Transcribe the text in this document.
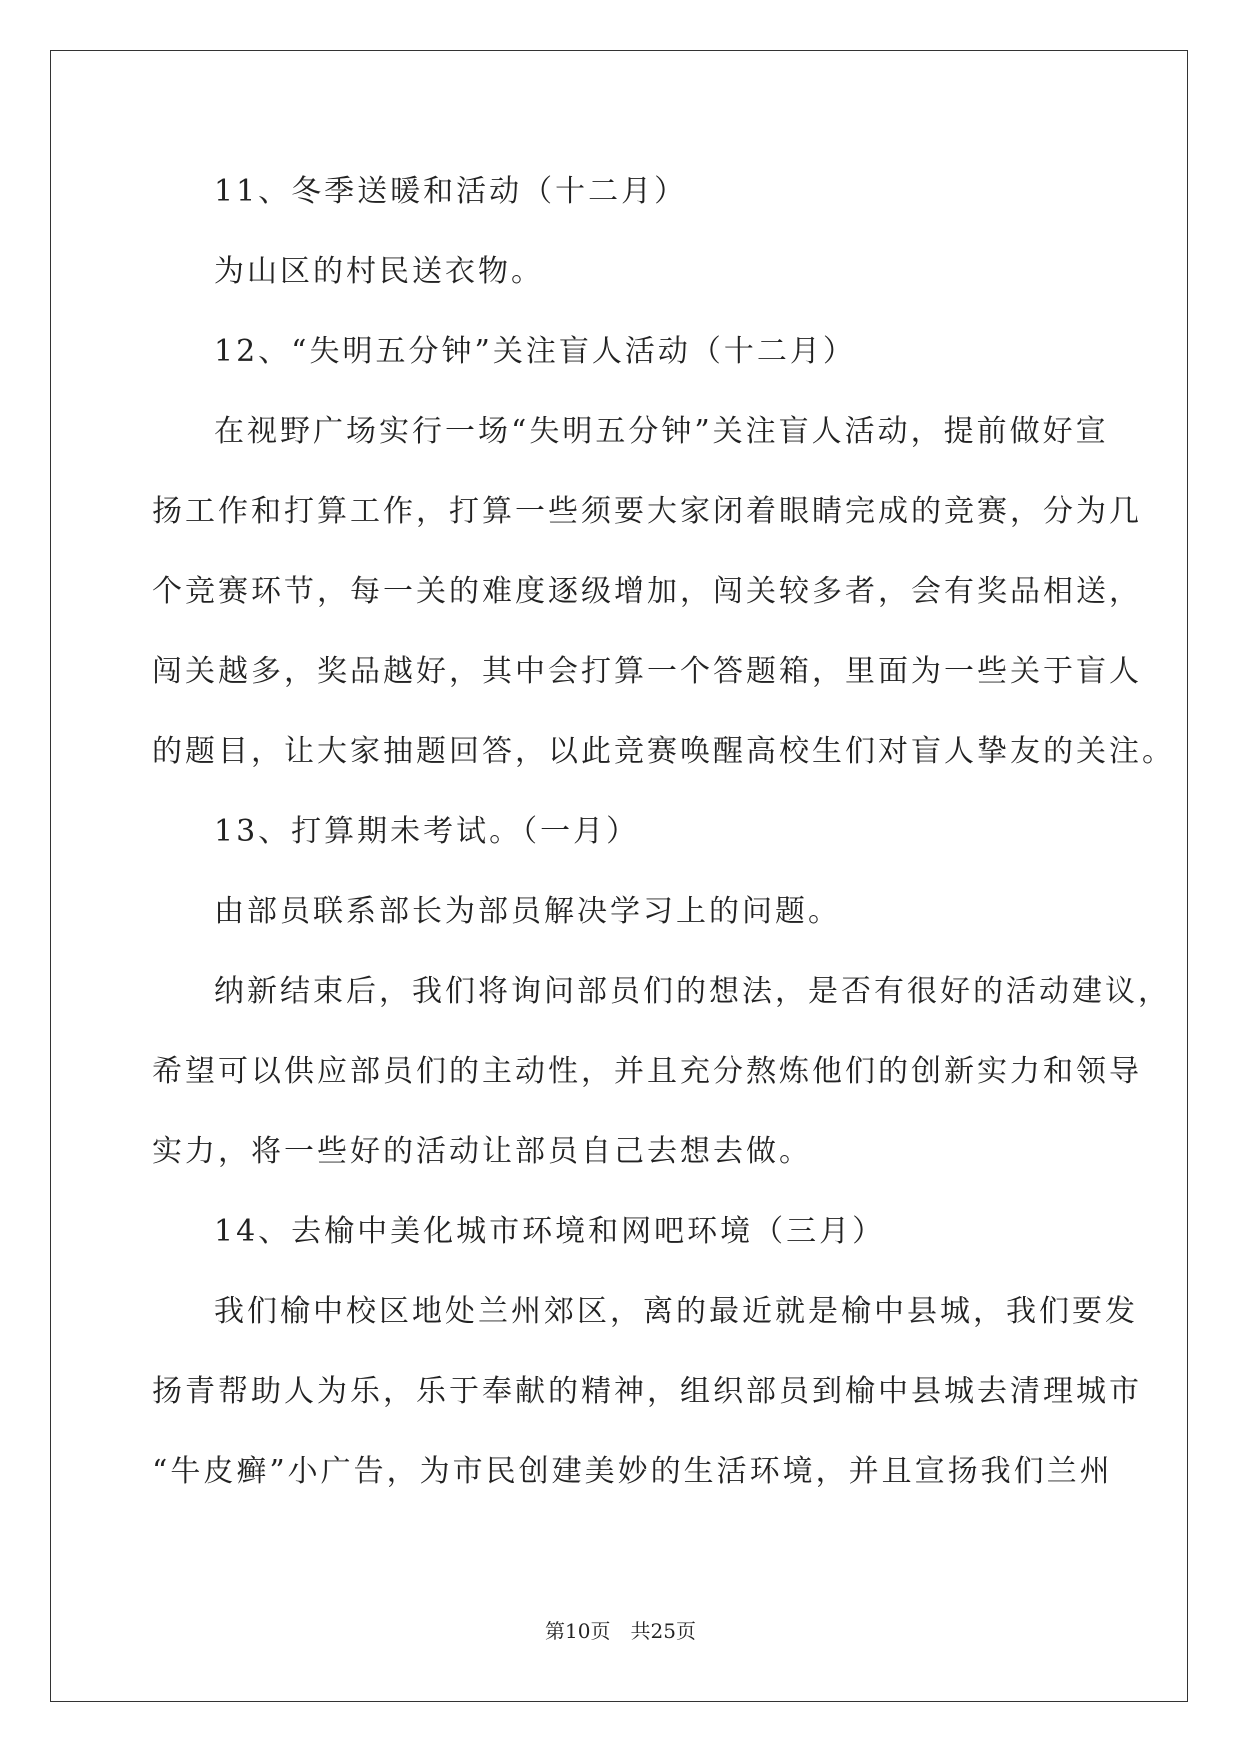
11、冬季送暖和活动（十二月）
为山区的村民送衣物。
12、“失明五分钟”关注盲人活动（十二月）
在视野广场实行一场“失明五分钟”关注盲人活动，提前做好宣
扬工作和打算工作，打算一些须要大家闭着眼睛完成的竞赛，分为几
个竞赛环节，每一关的难度逐级增加，闯关较多者，会有奖品相送，
闯关越多，奖品越好，其中会打算一个答题箱，里面为一些关于盲人
的题目，让大家抽题回答，以此竞赛唤醒高校生们对盲人挚友的关注。
13、打算期未考试。（一月）
由部员联系部长为部员解决学习上的问题。
纳新结束后，我们将询问部员们的想法，是否有很好的活动建议，
希望可以供应部员们的主动性，并且充分熬炼他们的创新实力和领导
实力，将一些好的活动让部员自己去想去做。
14、去榆中美化城市环境和网吧环境（三月）
我们榆中校区地处兰州郊区，离的最近就是榆中县城，我们要发
扬青帮助人为乐，乐于奉献的精神，组织部员到榆中县城去清理城市
“牛皮癣”小广告，为市民创建美妙的生活环境，并且宣扬我们兰州
第10页　共25页
